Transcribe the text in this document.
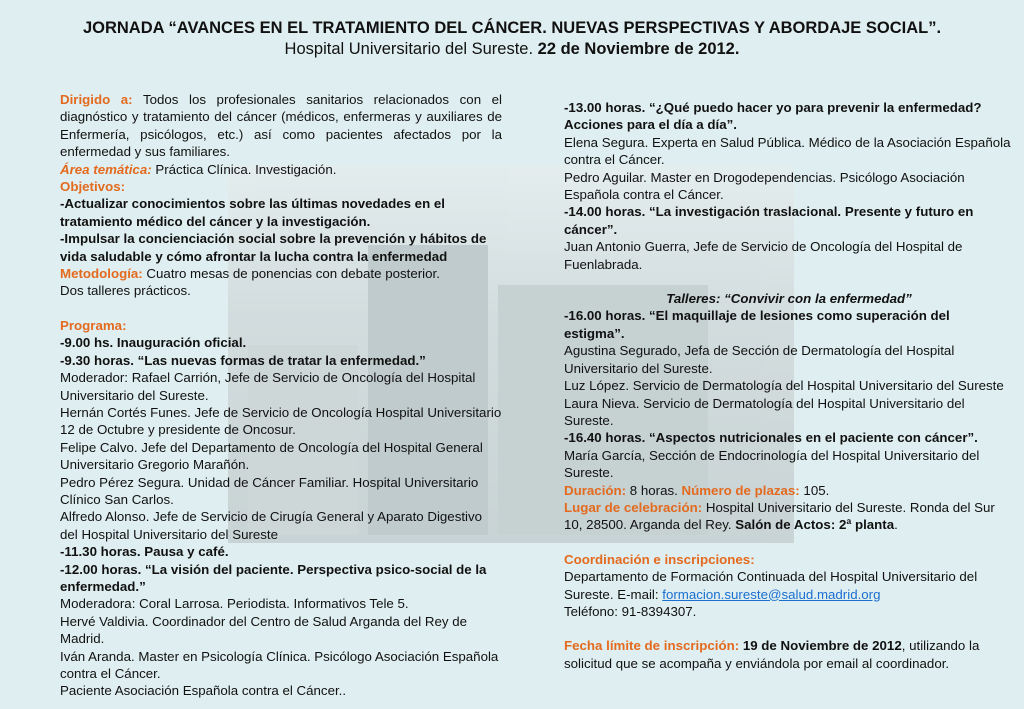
JORNADA “AVANCES EN EL TRATAMIENTO DEL CÁNCER. NUEVAS PERSPECTIVAS Y ABORDAJE SOCIAL”.
Hospital Universitario del Sureste. 22 de Noviembre de 2012.

Dirigido a: Todos los profesionales sanitarios relacionados con el diagnóstico y tratamiento del cáncer (médicos, enfermeras y auxiliares de Enfermería, psicólogos, etc.) así como pacientes afectados por la enfermedad y sus familiares.

Área temática: Práctica Clínica. Investigación.

Objetivos:

-Actualizar conocimientos sobre las últimas novedades en el tratamiento médico del cáncer y la investigación.

-Impulsar la concienciación social sobre la prevención y hábitos de vida saludable y cómo afrontar la lucha contra la enfermedad

Metodología: Cuatro mesas de ponencias con debate posterior.

Dos talleres prácticos.

Programa:

-9.00 hs. Inauguración oficial.

-9.30 horas. “Las nuevas formas de tratar la enfermedad.”

Moderador: Rafael Carrión, Jefe de Servicio de Oncología del Hospital Universitario del Sureste.

Hernán Cortés Funes. Jefe de Servicio de Oncología Hospital Universitario 12 de Octubre y presidente de Oncosur.

Felipe Calvo. Jefe del Departamento de Oncología del Hospital General Universitario Gregorio Marañón.

Pedro Pérez Segura. Unidad de Cáncer Familiar. Hospital Universitario Clínico San Carlos.

Alfredo Alonso. Jefe de Servicio de Cirugía General y Aparato Digestivo del Hospital Universitario del Sureste

-11.30 horas. Pausa y café.

-12.00 horas. “La visión del paciente. Perspectiva psico-social de la enfermedad.”

Moderadora: Coral Larrosa. Periodista. Informativos Tele 5.

Hervé Valdivia. Coordinador del Centro de Salud Arganda del Rey de Madrid.

Iván Aranda. Master en Psicología Clínica. Psicólogo Asociación Española contra el Cáncer.

Paciente Asociación Española contra el Cáncer..

-13.00 horas. “¿Qué puedo hacer yo para prevenir la enfermedad? Acciones para el día a día”.

Elena Segura. Experta en Salud Pública. Médico de la Asociación Española contra el Cáncer.

Pedro Aguilar. Master en Drogodependencias. Psicólogo Asociación Española contra el Cáncer.

-14.00 horas. “La investigación traslacional. Presente y futuro en cáncer”.

Juan Antonio Guerra, Jefe de Servicio de Oncología del Hospital de Fuenlabrada.

Talleres: “Convivir con la enfermedad”

-16.00 horas. “El maquillaje de lesiones como superación del estigma”.

Agustina Segurado, Jefa de Sección de Dermatología del Hospital Universitario del Sureste.

Luz López. Servicio de Dermatología del Hospital Universitario del Sureste

Laura Nieva. Servicio de Dermatología del Hospital Universitario del Sureste.

-16.40 horas. “Aspectos nutricionales en el paciente con cáncer”.

María García, Sección de Endocrinología del Hospital Universitario del Sureste.

Duración: 8 horas. Número de plazas: 105.

Lugar de celebración: Hospital Universitario del Sureste. Ronda del Sur 10, 28500. Arganda del Rey. Salón de Actos: 2ª planta.

Coordinación e inscripciones:

Departamento de Formación Continuada del Hospital Universitario del Sureste. E-mail: formacion.sureste@salud.madrid.org

Teléfono: 91-8394307.

Fecha límite de inscripción: 19 de Noviembre de 2012, utilizando la solicitud que se acompaña y enviándola por email al coordinador.
